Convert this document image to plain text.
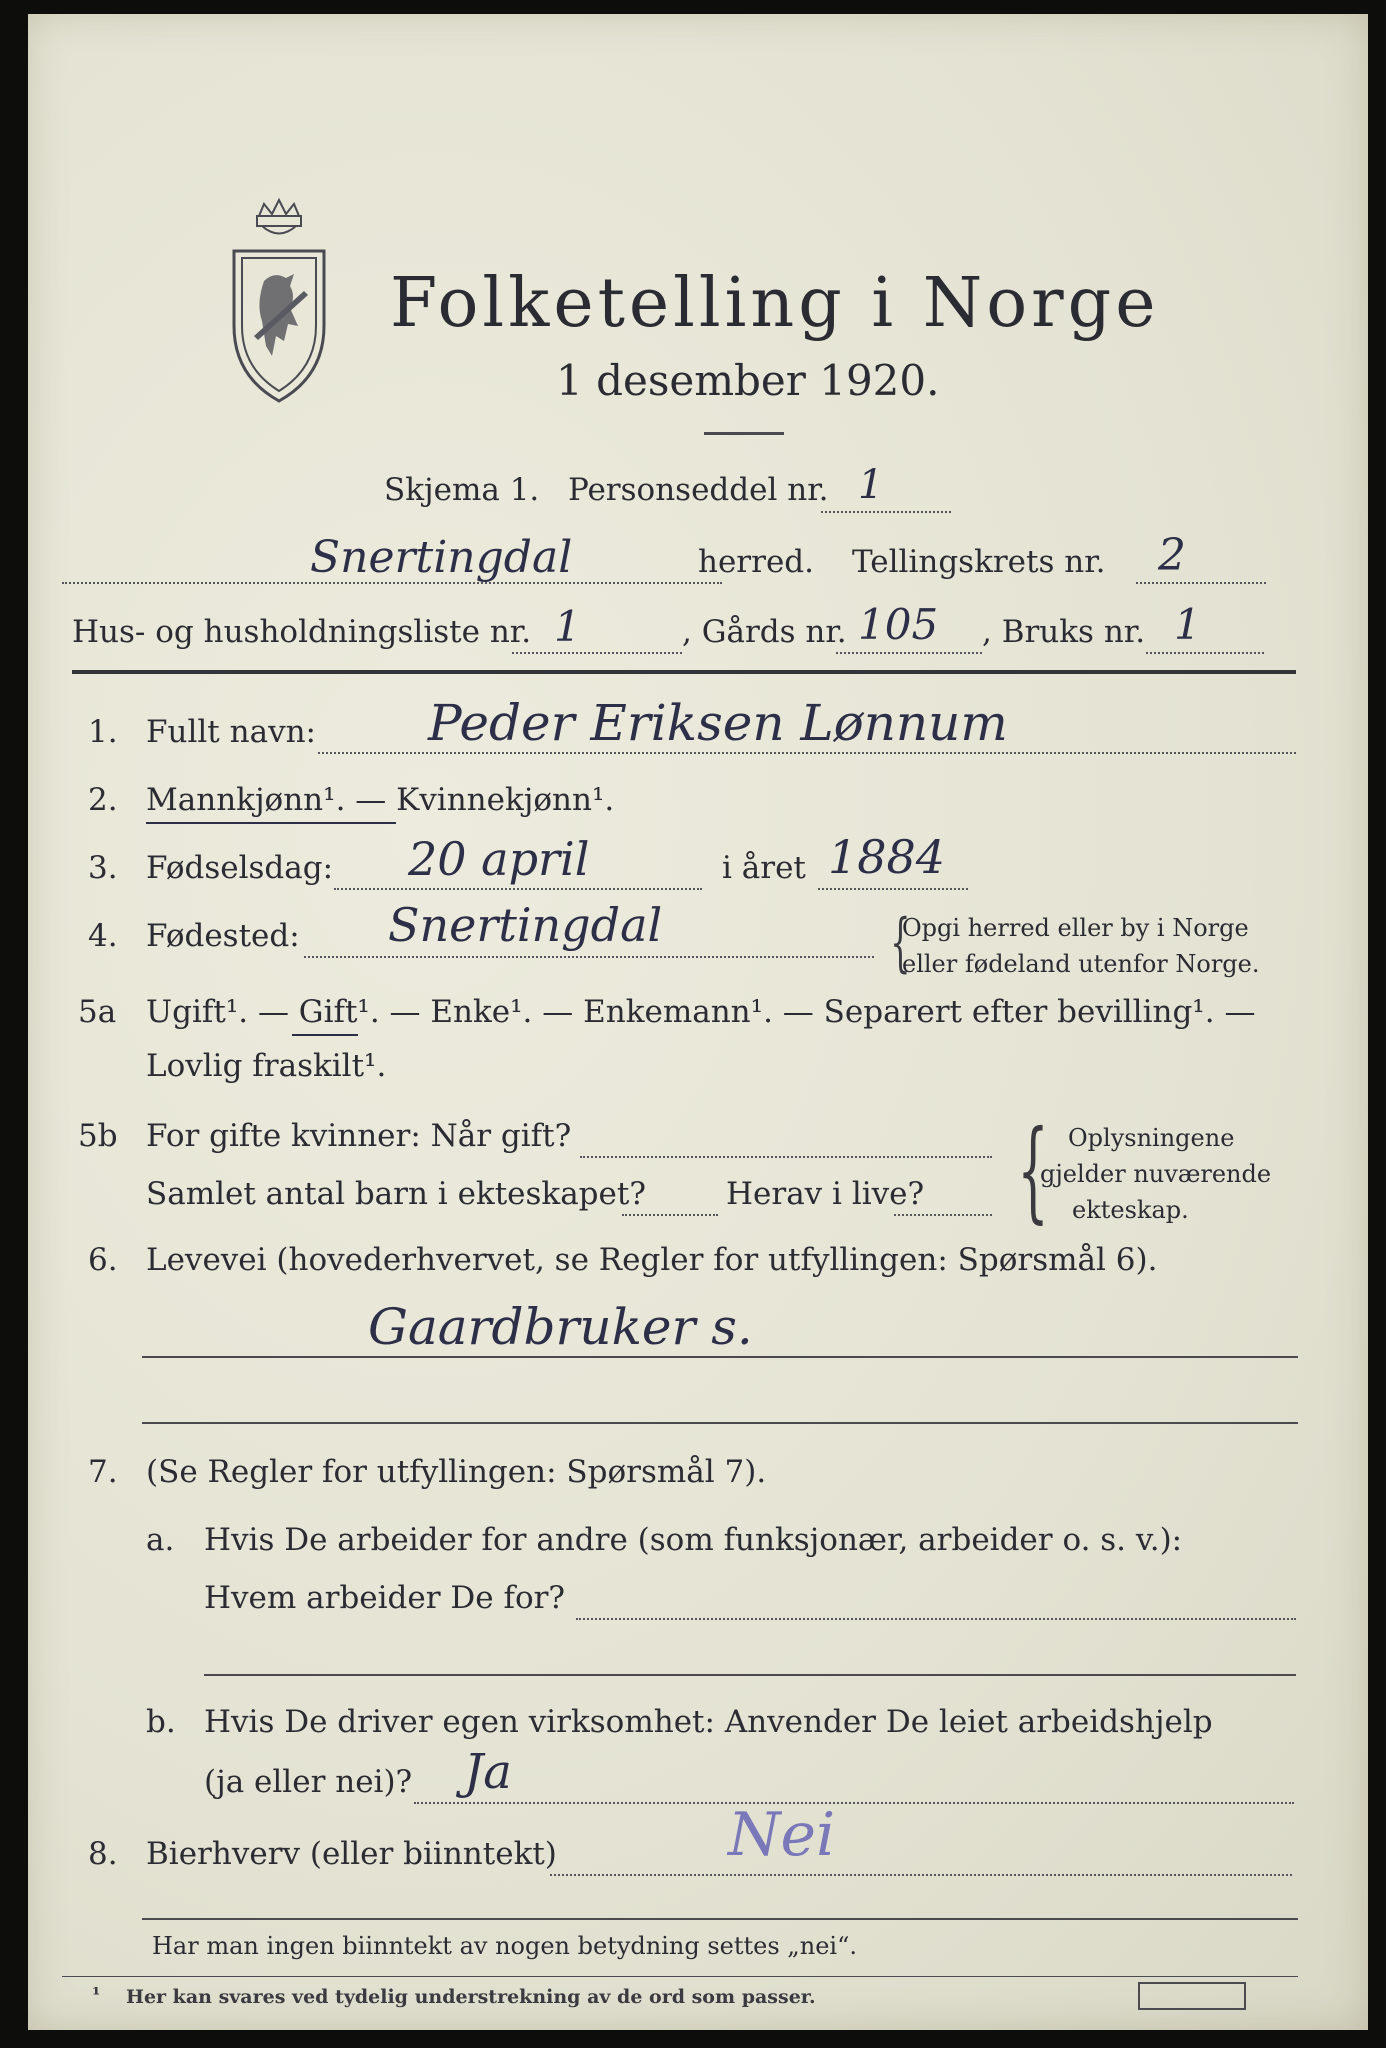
Folketelling i Norge
1 desember 1920.
Skjema 1. Personseddel nr. 1
Snertingdal	herred. Tellingskrets nr. 2
Hus- og husholdningsliste nr. 1	, Gårds nr. 105 , Bruks nr. 1
1. Fullt navn: Peder Eriksen Lønnum
2. Mannkjønn¹. — Kvinnekjønn¹.
3. Fødselsdag: 20 april	i året 1884
4. Fødested: Snertingdal	{
Opgi herred eller by i Norge
eller fødeland utenfor Norge.
5a Ugift¹. — Gift¹. — Enke¹. — Enkemann¹. — Separert efter bevilling¹. —
Lovlig fraskilt¹.
5b For gifte kvinner: Når gift?
Samlet antal barn i ekteskapet?	Herav i live? { Oplysningene
gjelder nuværende
ekteskap.
6. Levevei (hovederhvervet, se Regler for utfyllingen: Spørsmål 6).
Gaardbruker s.
7. (Se Regler for utfyllingen: Spørsmål 7).
a. Hvis De arbeider for andre (som funksjonær, arbeider o. s. v.):
Hvem arbeider De for?
b. Hvis De driver egen virksomhet: Anvender De leiet arbeidshjelp
(ja eller nei)? Ja
8. Bierhverv (eller biinntekt)	Nei
Har man ingen biinntekt av nogen betydning settes „nei“.
¹ Her kan svares ved tydelig understrekning av de ord som passer.
